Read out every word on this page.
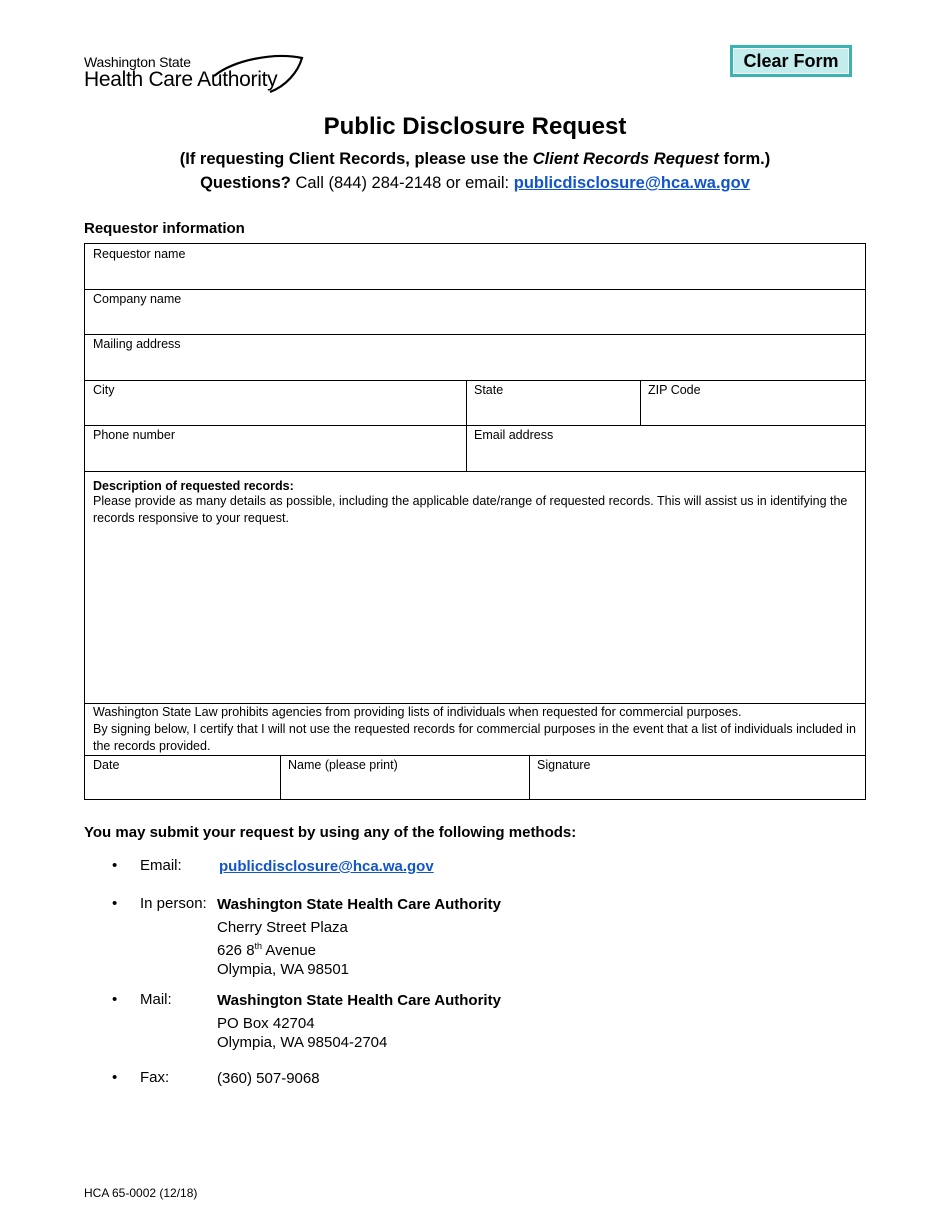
Washington State
Health Care Authority
Clear Form
Public Disclosure Request
(If requesting Client Records, please use the Client Records Request form.)
Questions? Call (844) 284-2148 or email: publicdisclosure@hca.wa.gov
Requestor information
Requestor name
Company name
Mailing address
City	State	ZIP Code
Phone number	Email address
Description of requested records:
Please provide as many details as possible, including the applicable date/range of requested records. This will assist us in identifying the records responsive to your request.
Washington State Law prohibits agencies from providing lists of individuals when requested for commercial purposes.
By signing below, I certify that I will not use the requested records for commercial purposes in the event that a list of individuals included in the records provided.
Date	Name (please print)	Signature
You may submit your request by using any of the following methods:
• Email: publicdisclosure@hca.wa.gov
• In person: Washington State Health Care Authority
Cherry Street Plaza
626 8th Avenue
Olympia, WA 98501
• Mail:	Washington State Health Care Authority
PO Box 42704
Olympia, WA 98504-2704
• Fax:	(360) 507-9068
HCA 65-0002 (12/18)
